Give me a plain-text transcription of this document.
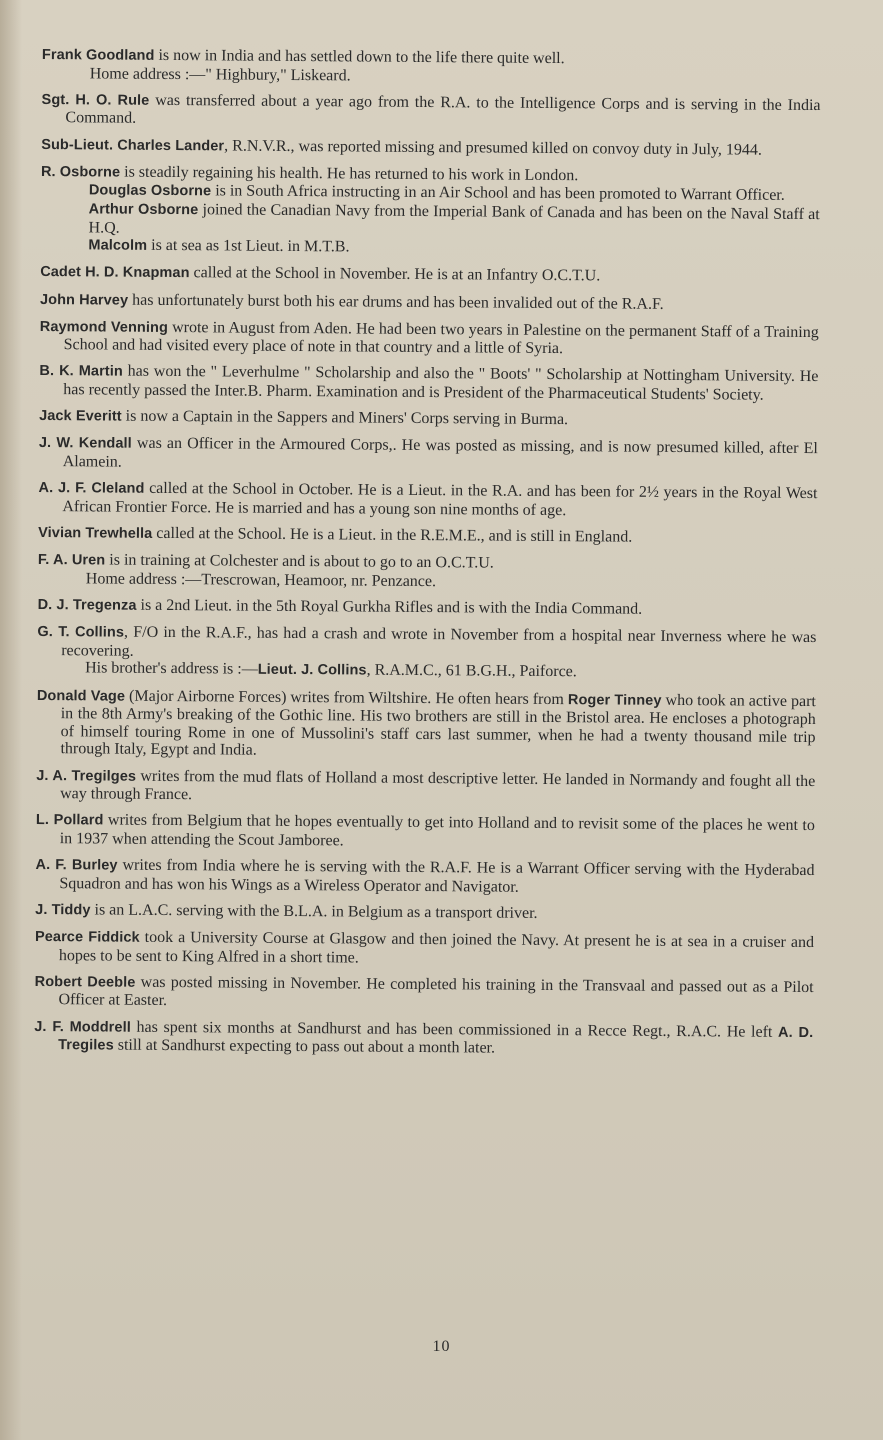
Frank Goodland is now in India and has settled down to the life there quite well.
Home address :—" Highbury," Liskeard.

Sgt. H. O. Rule was transferred about a year ago from the R.A. to the Intelligence Corps and is serving in the India Command.

Sub-Lieut. Charles Lander, R.N.V.R., was reported missing and presumed killed on convoy duty in July, 1944.

R. Osborne is steadily regaining his health. He has returned to his work in London.
Douglas Osborne is in South Africa instructing in an Air School and has been promoted to Warrant Officer.
Arthur Osborne joined the Canadian Navy from the Imperial Bank of Canada and has been on the Naval Staff at H.Q.
Malcolm is at sea as 1st Lieut. in M.T.B.

Cadet H. D. Knapman called at the School in November. He is at an Infantry O.C.T.U.

John Harvey has unfortunately burst both his ear drums and has been invalided out of the R.A.F.

Raymond Venning wrote in August from Aden. He had been two years in Palestine on the permanent Staff of a Training School and had visited every place of note in that country and a little of Syria.

B. K. Martin has won the " Leverhulme " Scholarship and also the " Boots' " Scholarship at Nottingham University. He has recently passed the Inter.B. Pharm. Examination and is President of the Pharmaceutical Students' Society.

Jack Everitt is now a Captain in the Sappers and Miners' Corps serving in Burma.

J. W. Kendall was an Officer in the Armoured Corps,. He was posted as missing, and is now presumed killed, after El Alamein.

A. J. F. Cleland called at the School in October. He is a Lieut. in the R.A. and has been for 2½ years in the Royal West African Frontier Force. He is married and has a young son nine months of age.

Vivian Trewhella called at the School. He is a Lieut. in the R.E.M.E., and is still in England.

F. A. Uren is in training at Colchester and is about to go to an O.C.T.U.
Home address :—Trescrowan, Heamoor, nr. Penzance.

D. J. Tregenza is a 2nd Lieut. in the 5th Royal Gurkha Rifles and is with the India Command.

G. T. Collins, F/O in the R.A.F., has had a crash and wrote in November from a hospital near Inverness where he was recovering.
His brother's address is :—Lieut. J. Collins, R.A.M.C., 61 B.G.H., Paiforce.

Donald Vage (Major Airborne Forces) writes from Wiltshire. He often hears from Roger Tinney who took an active part in the 8th Army's breaking of the Gothic line. His two brothers are still in the Bristol area. He encloses a photograph of himself touring Rome in one of Mussolini's staff cars last summer, when he had a twenty thousand mile trip through Italy, Egypt and India.

J. A. Tregilges writes from the mud flats of Holland a most descriptive letter. He landed in Normandy and fought all the way through France.

L. Pollard writes from Belgium that he hopes eventually to get into Holland and to revisit some of the places he went to in 1937 when attending the Scout Jamboree.

A. F. Burley writes from India where he is serving with the R.A.F. He is a Warrant Officer serving with the Hyderabad Squadron and has won his Wings as a Wireless Operator and Navigator.

J. Tiddy is an L.A.C. serving with the B.L.A. in Belgium as a transport driver.

Pearce Fiddick took a University Course at Glasgow and then joined the Navy. At present he is at sea in a cruiser and hopes to be sent to King Alfred in a short time.

Robert Deeble was posted missing in November. He completed his training in the Transvaal and passed out as a Pilot Officer at Easter.

J. F. Moddrell has spent six months at Sandhurst and has been commissioned in a Recce Regt., R.A.C. He left A. D. Tregiles still at Sandhurst expecting to pass out about a month later.

10
